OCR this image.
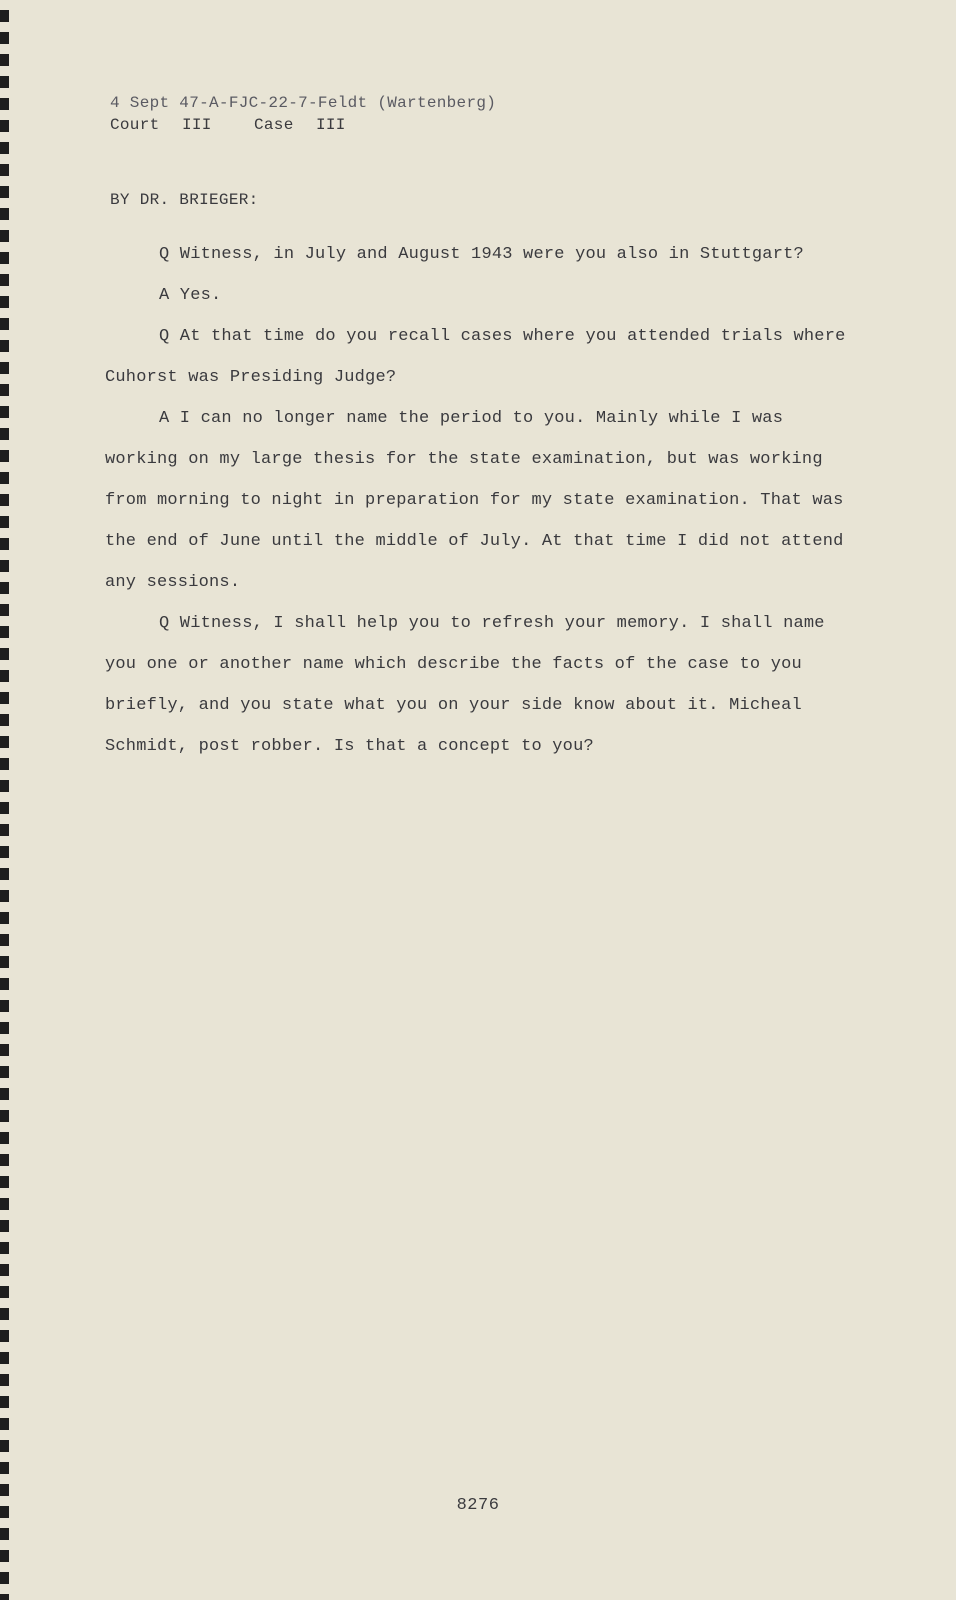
4 Sept 47-A-FJC-22-7-Feldt (Wartenberg)
Court III	Case III
BY DR. BRIEGER:

Q Witness, in July and August 1943 were you also in Stuttgart?

A Yes.

Q At that time do you recall cases where you attended trials where Cuhorst was Presiding Judge?

A I can no longer name the period to you. Mainly while I was working on my large thesis for the state examination, but was working from morning to night in preparation for my state examination. That was the end of June until the middle of July. At that time I did not attend any sessions.

Q Witness, I shall help you to refresh your memory. I shall name you one or another name which describe the facts of the case to you briefly, and you state what you on your side know about it. Micheal Schmidt, post robber. Is that a concept to you?

8276
